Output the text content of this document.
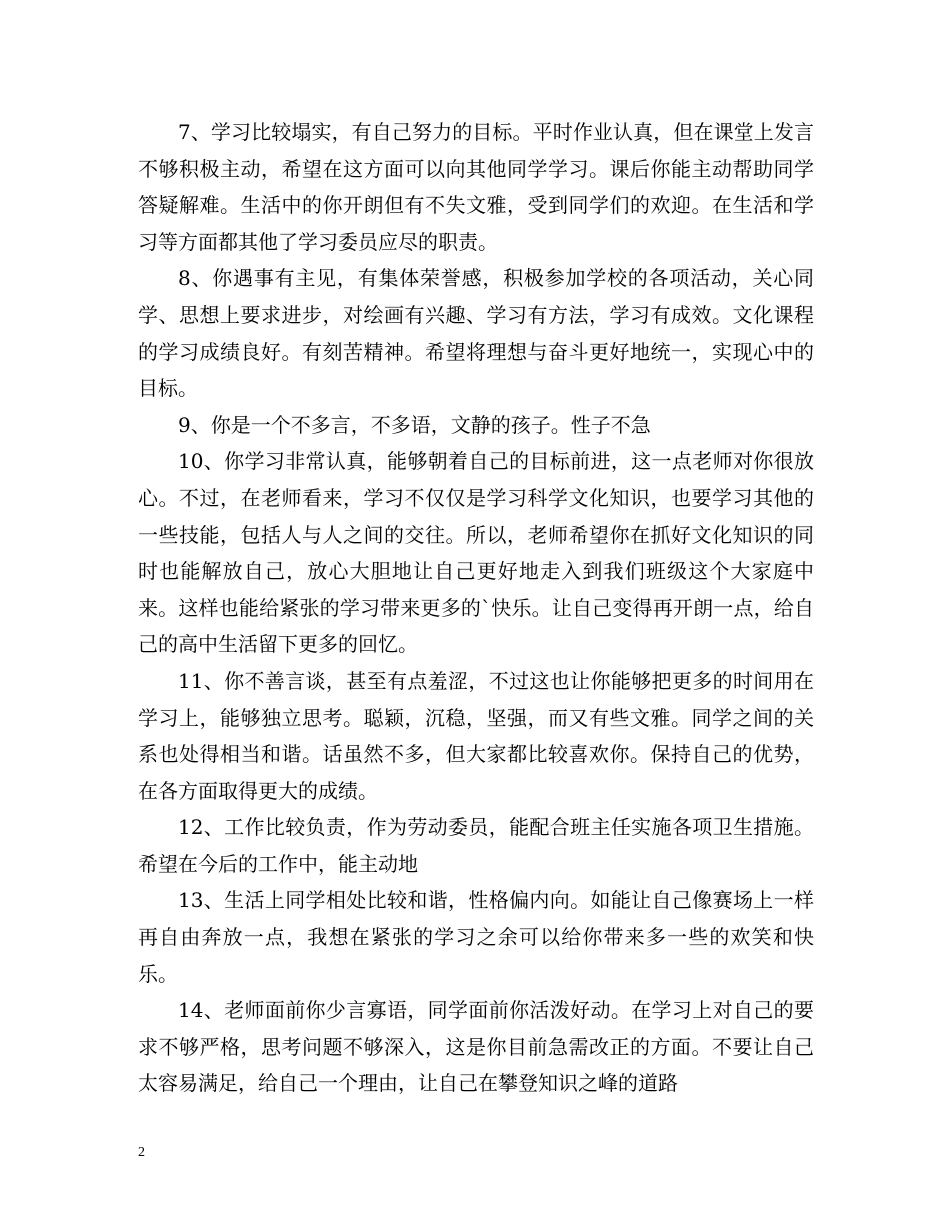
7、学习比较塌实，有自己努力的目标。平时作业认真，但在课堂上发言不够积极主动，希望在这方面可以向其他同学学习。课后你能主动帮助同学答疑解难。生活中的你开朗但有不失文雅，受到同学们的欢迎。在生活和学习等方面都其他了学习委员应尽的职责。

8、你遇事有主见，有集体荣誉感，积极参加学校的各项活动，关心同学、思想上要求进步，对绘画有兴趣、学习有方法，学习有成效。文化课程的学习成绩良好。有刻苦精神。希望将理想与奋斗更好地统一，实现心中的目标。

9、你是一个不多言，不多语，文静的孩子。性子不急

10、你学习非常认真，能够朝着自己的目标前进，这一点老师对你很放心。不过，在老师看来，学习不仅仅是学习科学文化知识，也要学习其他的一些技能，包括人与人之间的交往。所以，老师希望你在抓好文化知识的同时也能解放自己，放心大胆地让自己更好地走入到我们班级这个大家庭中来。这样也能给紧张的学习带来更多的`快乐。让自己变得再开朗一点，给自己的高中生活留下更多的回忆。

11、你不善言谈，甚至有点羞涩，不过这也让你能够把更多的时间用在学习上，能够独立思考。聪颖，沉稳，坚强，而又有些文雅。同学之间的关系也处得相当和谐。话虽然不多，但大家都比较喜欢你。保持自己的优势，在各方面取得更大的成绩。

12、工作比较负责，作为劳动委员，能配合班主任实施各项卫生措施。希望在今后的工作中，能主动地

13、生活上同学相处比较和谐，性格偏内向。如能让自己像赛场上一样再自由奔放一点，我想在紧张的学习之余可以给你带来多一些的欢笑和快乐。

14、老师面前你少言寡语，同学面前你活泼好动。在学习上对自己的要求不够严格，思考问题不够深入，这是你目前急需改正的方面。不要让自己太容易满足，给自己一个理由，让自己在攀登知识之峰的道路

2
